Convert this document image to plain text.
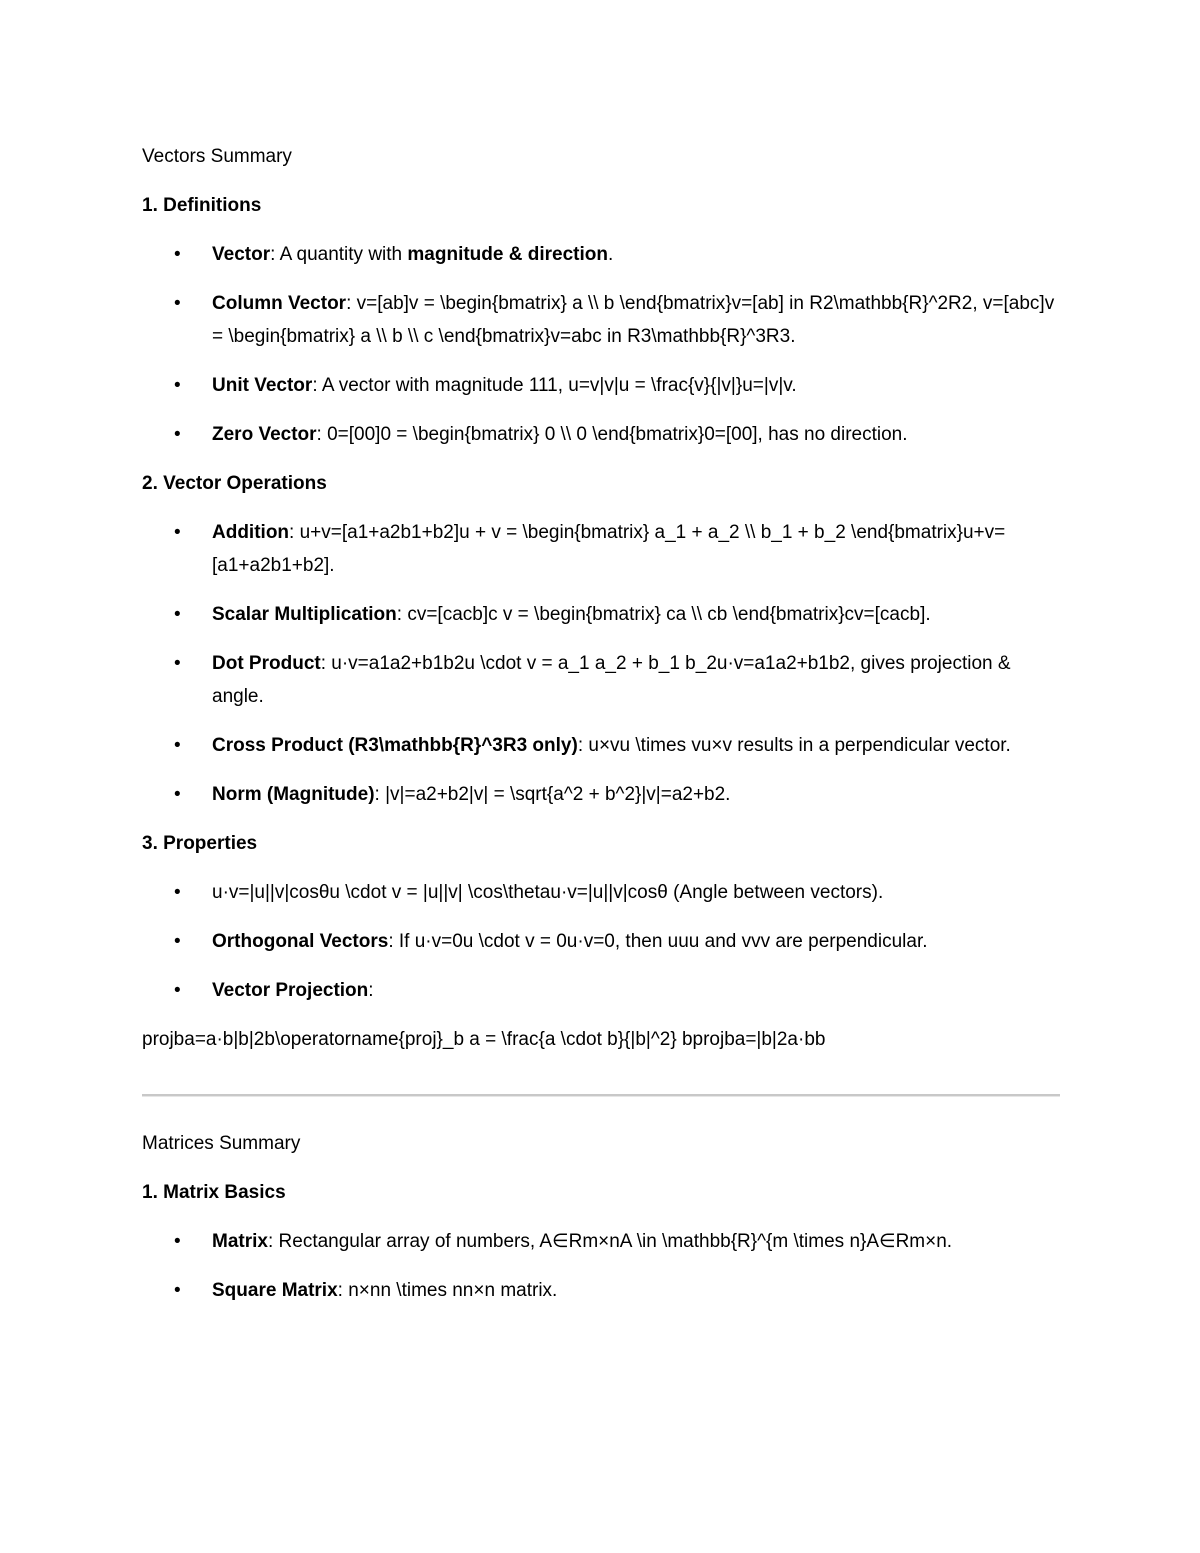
Vectors Summary

1. Definitions

• Vector: A quantity with magnitude & direction.
• Column Vector: v=[ab]v = \begin{bmatrix} a \\ b \end{bmatrix}v=[ab] in R2\mathbb{R}^2R2, v=[abc]v = \begin{bmatrix} a \\ b \\ c \end{bmatrix}v=abc in R3\mathbb{R}^3R3.
• Unit Vector: A vector with magnitude 111, u=v|v|u = \frac{v}{|v|}u=|v|v.
• Zero Vector: 0=[00]0 = \begin{bmatrix} 0 \\ 0 \end{bmatrix}0=[00], has no direction.

2. Vector Operations

• Addition: u+v=[a1+a2b1+b2]u + v = \begin{bmatrix} a_1 + a_2 \\ b_1 + b_2 \end{bmatrix}u+v=[a1+a2b1+b2].
• Scalar Multiplication: cv=[cacb]c v = \begin{bmatrix} ca \\ cb \end{bmatrix}cv=[cacb].
• Dot Product: u·v=a1a2+b1b2u \cdot v = a_1 a_2 + b_1 b_2u·v=a1a2+b1b2, gives projection & angle.
• Cross Product (R3\mathbb{R}^3R3 only): u×vu \times vu×v results in a perpendicular vector.
• Norm (Magnitude): |v|=a2+b2|v| = \sqrt{a^2 + b^2}|v|=a2+b2.

3. Properties

• u·v=|u||v|cos⁡θu \cdot v = |u||v| \cos\thetau·v=|u||v|cosθ (Angle between vectors).
• Orthogonal Vectors: If u·v=0u \cdot v = 0u·v=0, then uuu and vvv are perpendicular.
• Vector Projection:

proj⁡ba=a·b|b|2b\operatorname{proj}_b a = \frac{a \cdot b}{|b|^2} bprojba=|b|2a·bb

Matrices Summary

1. Matrix Basics

• Matrix: Rectangular array of numbers, A∈Rm×nA \in \mathbb{R}^{m \times n}A∈Rm×n.
• Square Matrix: n×nn \times nn×n matrix.
